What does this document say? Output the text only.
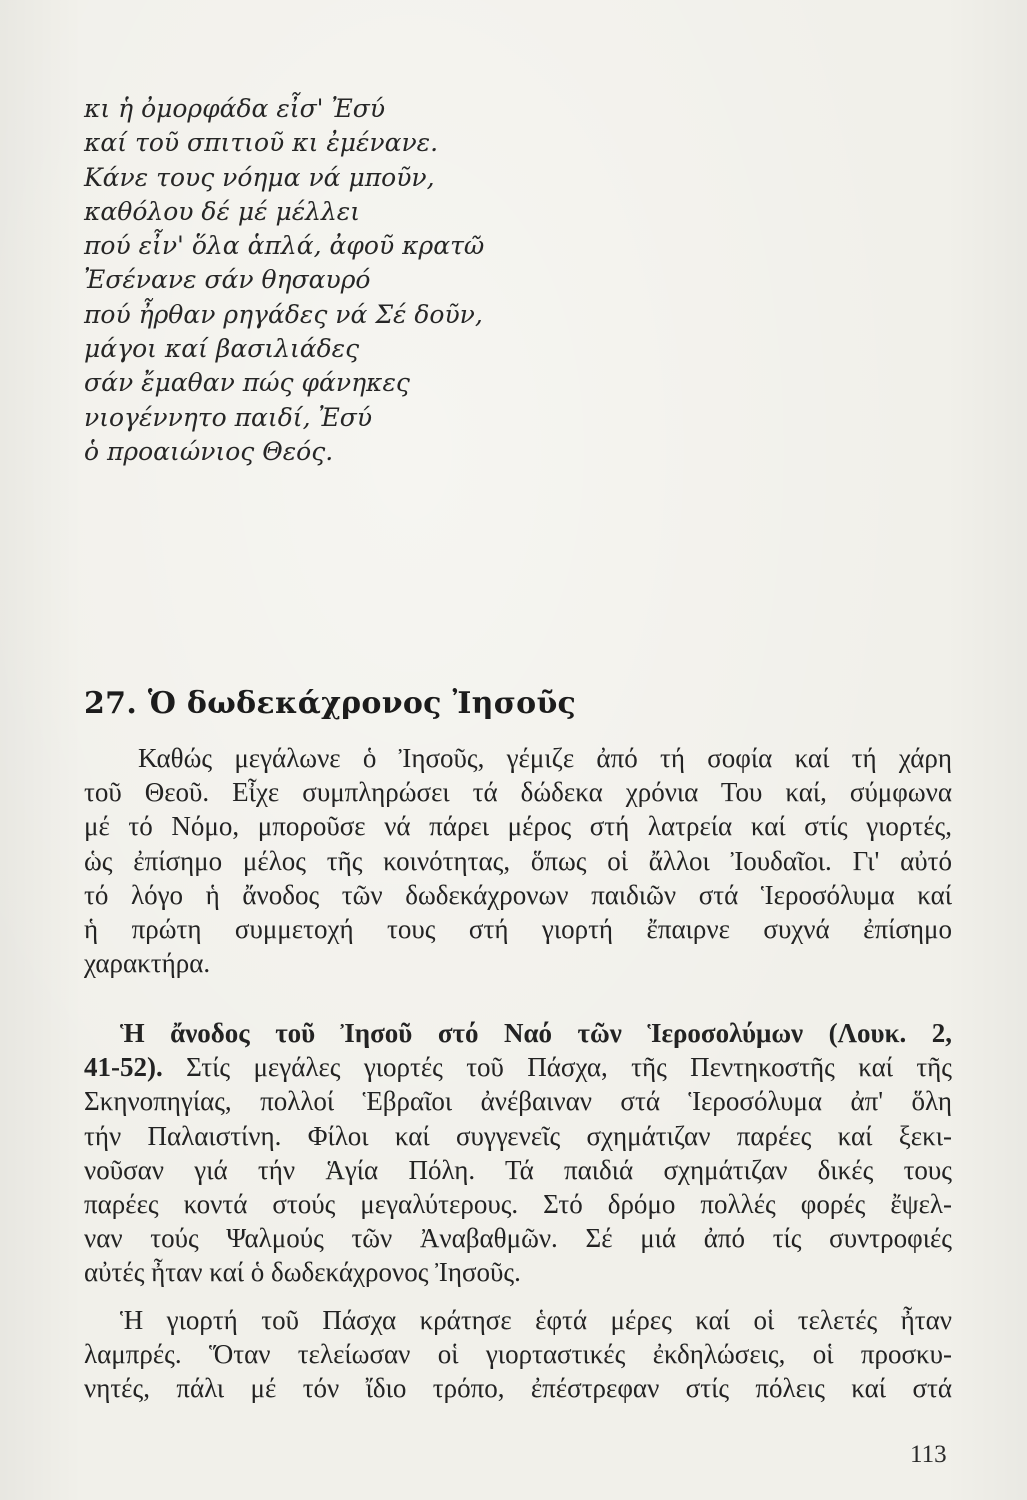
κι ἡ ὀμορφάδα εἶσ' Ἐσύ
καί τοῦ σπιτιοῦ κι ἐμένανε.
Κάνε τους νόημα νά μποῦν,
καθόλου δέ μέ μέλλει
πού εἶν' ὅλα ἁπλά, ἀφοῦ κρατῶ
Ἐσένανε σάν θησαυρό
πού ἦρθαν ρηγάδες νά Σέ δοῦν,
μάγοι καί βασιλιάδες
σάν ἔμαθαν πώς φάνηκες
νιογέννητο παιδί, Ἐσύ
ὁ προαιώνιος Θεός.
27. Ὁ δωδεκάχρονος Ἰησοῦς
Καθώς μεγάλωνε ὁ Ἰησοῦς, γέμιζε ἀπό τή σοφία καί τή χάρη
τοῦ Θεοῦ. Εἶχε συμπληρώσει τά δώδεκα χρόνια Του καί, σύμφωνα
μέ τό Νόμο, μποροῦσε νά πάρει μέρος στή λατρεία καί στίς γιορτές,
ὡς ἐπίσημο μέλος τῆς κοινότητας, ὅπως οἱ ἄλλοι Ἰουδαῖοι. Γι' αὐτό
τό λόγο ἡ ἄνοδος τῶν δωδεκάχρονων παιδιῶν στά Ἱεροσόλυμα καί
ἡ πρώτη συμμετοχή τους στή γιορτή ἔπαιρνε συχνά ἐπίσημο
χαρακτήρα.
Ἡ ἄνοδος τοῦ Ἰησοῦ στό Ναό τῶν Ἱεροσολύμων (Λουκ. 2,
41-52). Στίς μεγάλες γιορτές τοῦ Πάσχα, τῆς Πεντηκοστῆς καί τῆς
Σκηνοπηγίας, πολλοί Ἑβραῖοι ἀνέβαιναν στά Ἱεροσόλυμα ἀπ' ὅλη
τήν Παλαιστίνη. Φίλοι καί συγγενεῖς σχημάτιζαν παρέες καί ξεκι-
νοῦσαν γιά τήν Ἁγία Πόλη. Τά παιδιά σχημάτιζαν δικές τους
παρέες κοντά στούς μεγαλύτερους. Στό δρόμο πολλές φορές ἔψελ-
ναν τούς Ψαλμούς τῶν Ἀναβαθμῶν. Σέ μιά ἀπό τίς συντροφιές
αὐτές ἦταν καί ὁ δωδεκάχρονος Ἰησοῦς.
Ἡ γιορτή τοῦ Πάσχα κράτησε ἑφτά μέρες καί οἱ τελετές ἦταν
λαμπρές. Ὅταν τελείωσαν οἱ γιορταστικές ἐκδηλώσεις, οἱ προσκυ-
νητές, πάλι μέ τόν ἴδιο τρόπο, ἐπέστρεφαν στίς πόλεις καί στά
113
